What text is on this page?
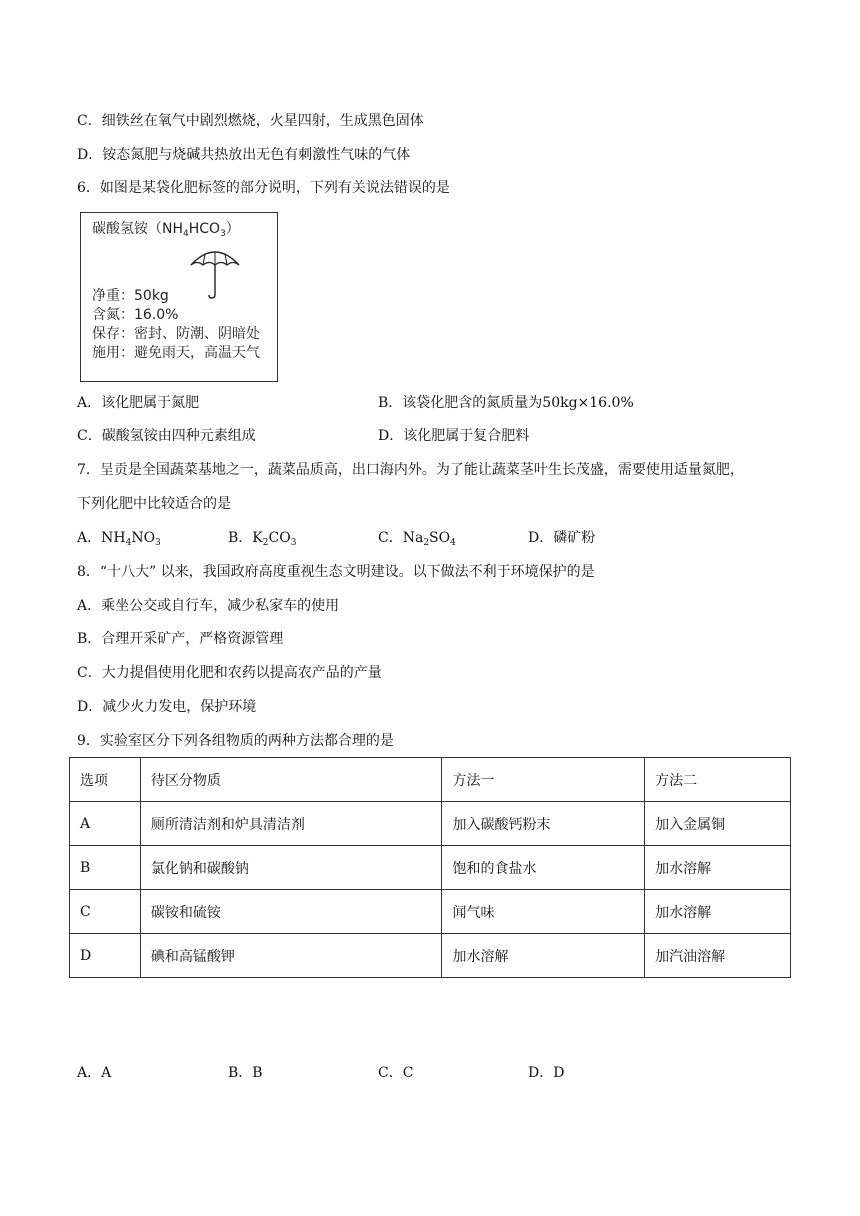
C．细铁丝在氧气中剧烈燃烧，火星四射，生成黑色固体
D．铵态氮肥与烧碱共热放出无色有刺激性气味的气体
6．如图是某袋化肥标签的部分说明，下列有关说法错误的是
碳酸氢铵$(NH_4HCO_3)$
净重：50kg
含氮：16.0%
保存：密封、防潮、阴暗处
施用：避免雨天，高温天气
A．该化肥属于氮肥	B．该袋化肥含的氮质量为50kg×16.0%
C．碳酸氢铵由四种元素组成	D．该化肥属于复合肥料
7．呈贡是全国蔬菜基地之一，蔬菜品质高，出口海内外。为了能让蔬菜茎叶生长茂盛，需要使用适量氮肥，
下列化肥中比较适合的是
A．$NH_4NO_3$	B．$K_2CO_3$	C．$Na_2SO_4$	D．磷矿粉
8．“十八大” 以来，我国政府高度重视生态文明建设。以下做法不利于环境保护的是
A．乘坐公交或自行车，减少私家车的使用
B．合理开采矿产，严格资源管理
C．大力提倡使用化肥和农药以提高农产品的产量
D．减少火力发电，保护环境
9．实验室区分下列各组物质的两种方法都合理的是
选项	待区分物质	方法一	方法二
A	厕所清洁剂和炉具清洁剂	加入碳酸钙粉末	加入金属铜
B	氯化钠和碳酸钠	饱和的食盐水	加水溶解
C	碳铵和硫铵	闻气味	加水溶解
D	碘和高锰酸钾	加水溶解	加汽油溶解
A．A	B．B	C．C	D．D
